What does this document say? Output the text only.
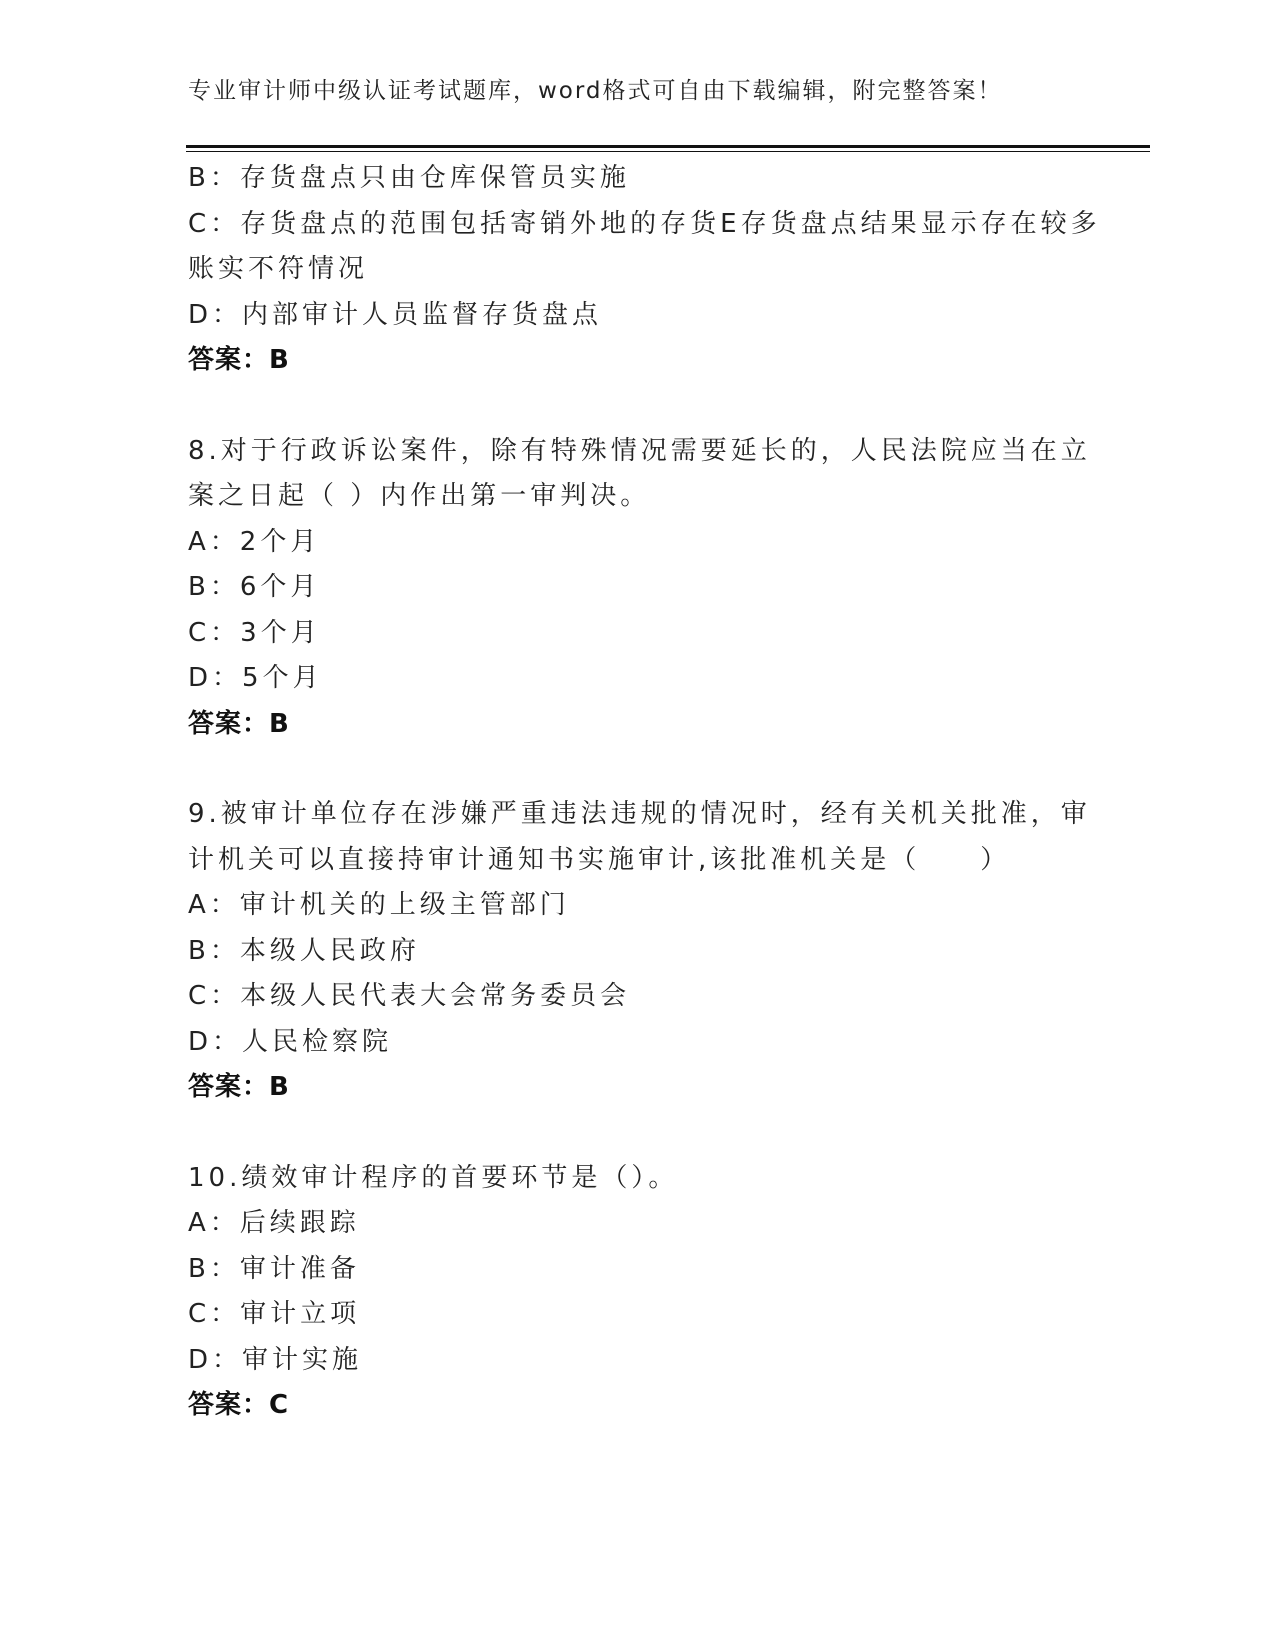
专业审计师中级认证考试题库，word格式可自由下载编辑，附完整答案！
B：存货盘点只由仓库保管员实施
C：存货盘点的范围包括寄销外地的存货E存货盘点结果显示存在较多
账实不符情况
D：内部审计人员监督存货盘点
答案：B
8.对于行政诉讼案件，除有特殊情况需要延长的，人民法院应当在立
案之日起（ ）内作出第一审判决。
A：2个月
B：6个月
C：3个月
D：5个月
答案：B
9.被审计单位存在涉嫌严重违法违规的情况时，经有关机关批准，审
计机关可以直接持审计通知书实施审计,该批准机关是（　　）
A：审计机关的上级主管部门
B：本级人民政府
C：本级人民代表大会常务委员会
D：人民检察院
答案：B
10.绩效审计程序的首要环节是（）。
A：后续跟踪
B：审计准备
C：审计立项
D：审计实施
答案：C
